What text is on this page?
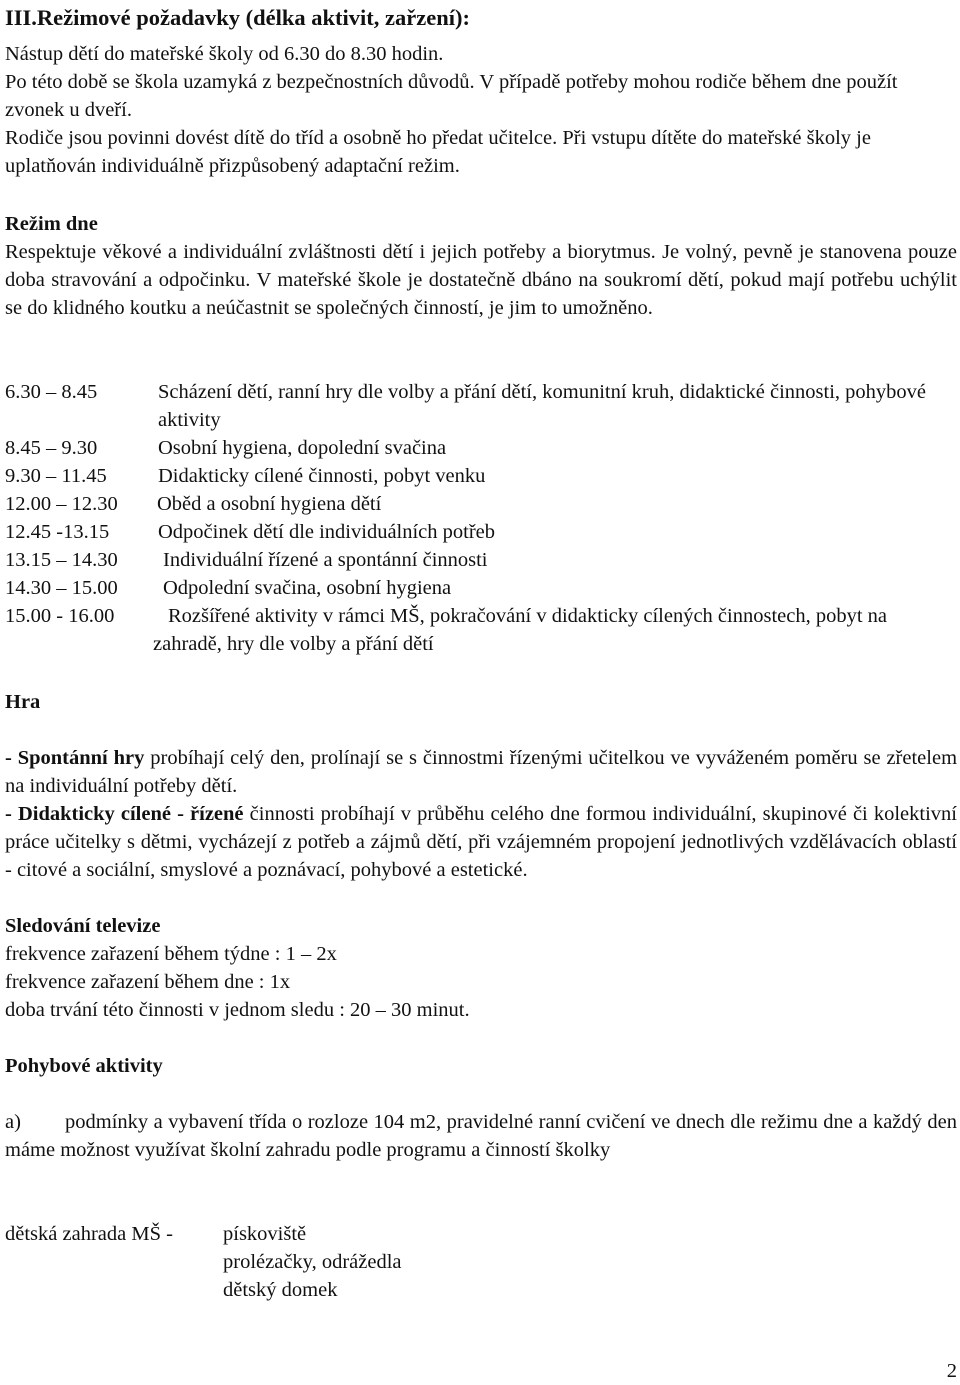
III.Režimové požadavky (délka aktivit, zařzení):

Nástup dětí do mateřské školy od 6.30 do 8.30 hodin.

Po této době se škola uzamyká z bezpečnostních důvodů. V případě potřeby mohou rodiče během dne použít zvonek u dveří.

Rodiče jsou povinni dovést dítě do tříd a osobně ho předat učitelce. Při vstupu dítěte do mateřské školy je uplatňován individuálně přizpůsobený adaptační režim.

Režim dne

Respektuje věkové a individuální zvláštnosti dětí i jejich potřeby a biorytmus. Je volný, pevně je stanovena pouze doba stravování a odpočinku. V mateřské škole je dostatečně dbáno na soukromí dětí, pokud mají potřebu uchýlit se do klidného koutku a neúčastnit se společných činností, je jim to umožněno.

6.30 – 8.45	Scházení dětí, ranní hry dle volby a přání dětí, komunitní kruh, didaktické činnosti, pohybové aktivity
8.45 – 9.30	Osobní hygiena, dopolední svačina
9.30 – 11.45	Didakticky cílené činnosti, pobyt venku
12.00 – 12.30 Oběd a osobní hygiena dětí
12.45 -13.15 Odpočinek dětí dle individuálních potřeb
13.15 – 14.30 Individuální řízené a spontánní činnosti
14.30 – 15.00 Odpolední svačina, osobní hygiena
15.00 - 16.00	Rozšířené aktivity v rámci MŠ, pokračování v didakticky cílených činnostech, pobyt na zahradě, hry dle volby a přání dětí
Hra

- Spontánní hry probíhají celý den, prolínají se s činnostmi řízenými učitelkou ve vyváženém poměru se zřetelem na individuální potřeby dětí.

- Didakticky cílené - řízené činnosti probíhají v průběhu celého dne formou individuální, skupinové či kolektivní práce učitelky s dětmi, vycházejí z potřeb a zájmů dětí, při vzájemném propojení jednotlivých vzdělávacích oblastí - citové a sociální, smyslové a poznávací, pohybové a estetické.

Sledování televize
frekvence zařazení během týdne : 1 – 2x
frekvence zařazení během dne : 1x
doba trvání této činnosti v jednom sledu : 20 – 30 minut.
Pohybové aktivity
a)	podmínky a vybavení třída o rozloze 104 m2, pravidelné ranní cvičení ve dnech dle režimu dne a každý den máme možnost využívat školní zahradu podle programu a činností školky

dětská zahrada MŠ - pískoviště
prolézačky, odrážedla
dětský domek
2
